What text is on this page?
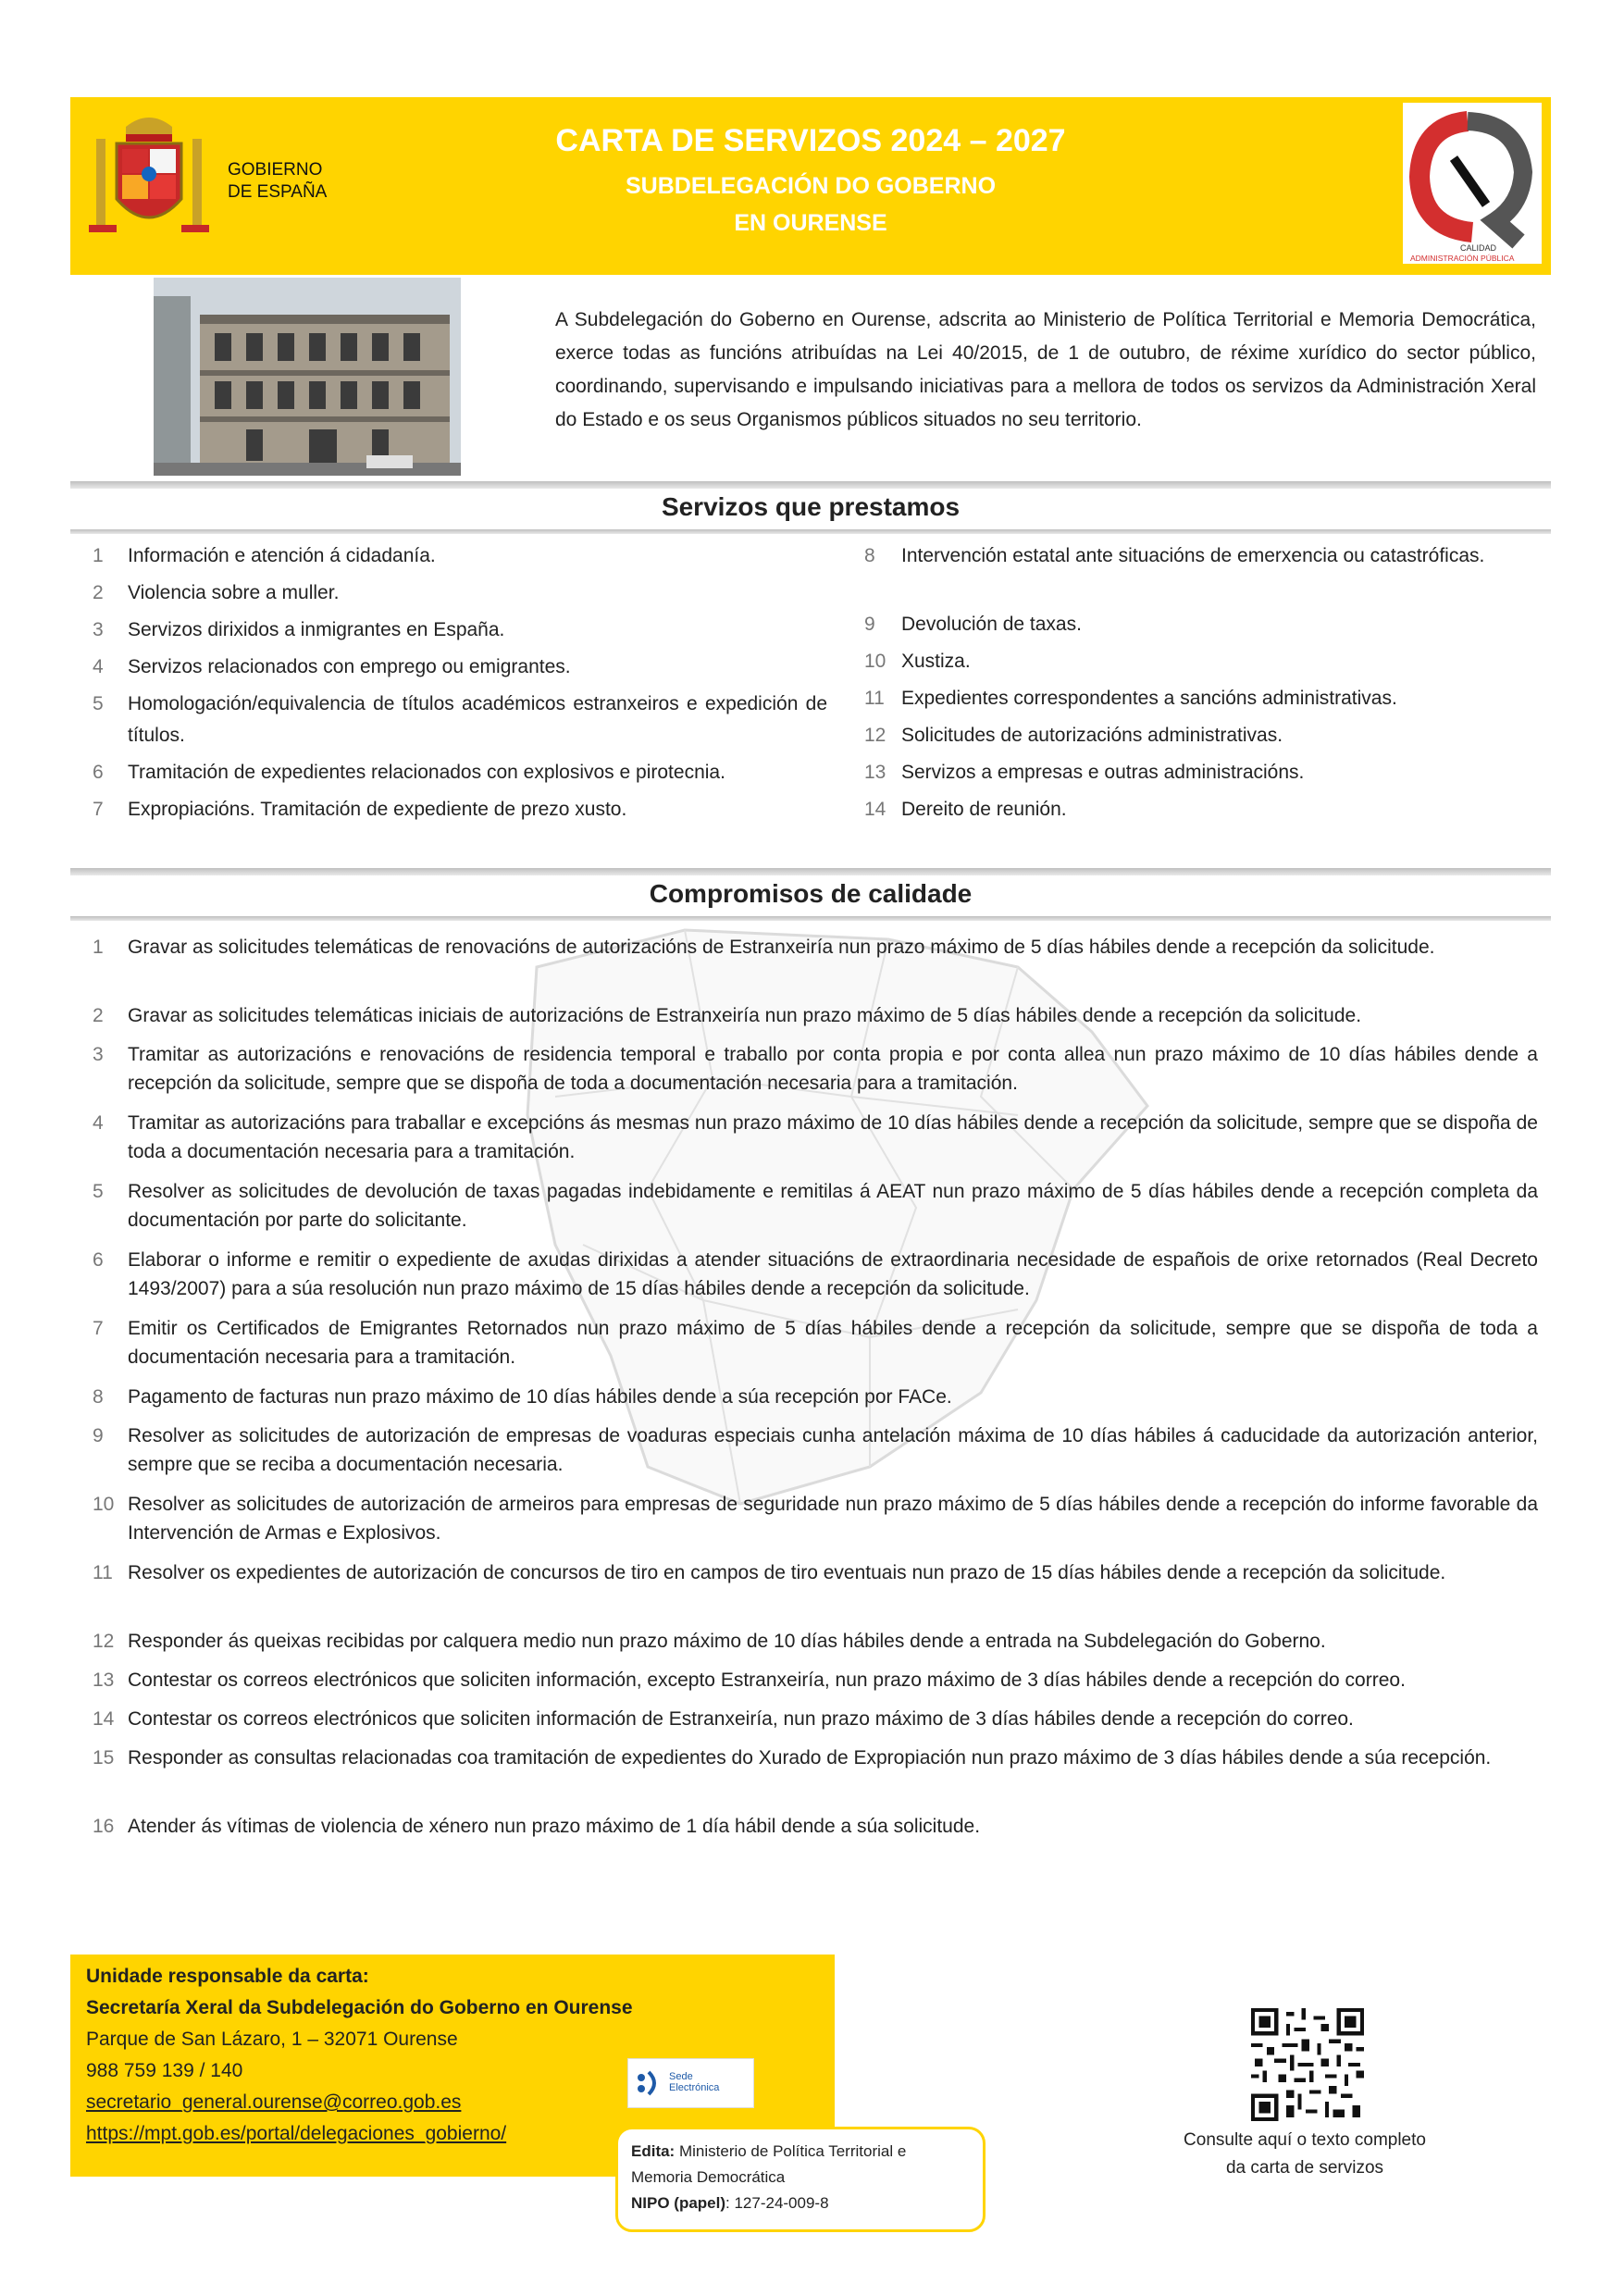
GOBIERNO
DE ESPAÑA
CARTA DE SERVIZOS 2024 – 2027
SUBDELEGACIÓN DO GOBERNO
EN OURENSE
CALIDAD
ADMINISTRACIÓN PÚBLICA
A Subdelegación do Goberno en Ourense, adscrita ao Ministerio de Política Territorial e Memoria Democrática, exerce todas as funcións atribuídas na Lei 40/2015, de 1 de outubro, de réxime xurídico do sector público, coordinando, supervisando e impulsando iniciativas para a mellora de todos os servizos da Administración Xeral do Estado e os seus Organismos públicos situados no seu territorio.
Servizos que prestamos
1 Información e atención á cidadanía.
2 Violencia sobre a muller.
3 Servizos dirixidos a inmigrantes en España.
4 Servizos relacionados con emprego ou emigrantes.
5 Homologación/equivalencia de títulos académicos estranxeiros e expedición de títulos.
6 Tramitación de expedientes relacionados con explosivos e pirotecnia.
7 Expropiacións. Tramitación de expediente de prezo xusto.
8 Intervención estatal ante situacións de emerxencia ou catastróficas.
9 Devolución de taxas.
10 Xustiza.
11 Expedientes correspondentes a sancións administrativas.
12 Solicitudes de autorizacións administrativas.
13 Servizos a empresas e outras administracións.
14 Dereito de reunión.
Compromisos de calidade
1 Gravar as solicitudes telemáticas de renovacións de autorizacións de Estranxeiría nun prazo máximo de 5 días hábiles dende a recepción da solicitude.
2 Gravar as solicitudes telemáticas iniciais de autorizacións de Estranxeiría nun prazo máximo de 5 días hábiles dende a recepción da solicitude.
3 Tramitar as autorizacións e renovacións de residencia temporal e traballo por conta propia e por conta allea nun prazo máximo de 10 días hábiles dende a recepción da solicitude, sempre que se dispoña de toda a documentación necesaria para a tramitación.
4 Tramitar as autorizacións para traballar e excepcións ás mesmas nun prazo máximo de 10 días hábiles dende a recepción da solicitude, sempre que se dispoña de toda a documentación necesaria para a tramitación.
5 Resolver as solicitudes de devolución de taxas pagadas indebidamente e remitilas á AEAT nun prazo máximo de 5 días hábiles dende a recepción completa da documentación por parte do solicitante.
6 Elaborar o informe e remitir o expediente de axudas dirixidas a atender situacións de extraordinaria necesidade de españois de orixe retornados (Real Decreto 1493/2007) para a súa resolución nun prazo máximo de 15 días hábiles dende a recepción da solicitude.
7 Emitir os Certificados de Emigrantes Retornados nun prazo máximo de 5 días hábiles dende a recepción da solicitude, sempre que se dispoña de toda a documentación necesaria para a tramitación.
8 Pagamento de facturas nun prazo máximo de 10 días hábiles dende a súa recepción por FACe.
9 Resolver as solicitudes de autorización de empresas de voaduras especiais cunha antelación máxima de 10 días hábiles á caducidade da autorización anterior, sempre que se reciba a documentación necesaria.
10 Resolver as solicitudes de autorización de armeiros para empresas de seguridade nun prazo máximo de 5 días hábiles dende a recepción do informe favorable da Intervención de Armas e Explosivos.
11 Resolver os expedientes de autorización de concursos de tiro en campos de tiro eventuais nun prazo de 15 días hábiles dende a recepción da solicitude.
12 Responder ás queixas recibidas por calquera medio nun prazo máximo de 10 días hábiles dende a entrada na Subdelegación do Goberno.
13 Contestar os correos electrónicos que soliciten información, excepto Estranxeiría, nun prazo máximo de 3 días hábiles dende a recepción do correo.
14 Contestar os correos electrónicos que soliciten información de Estranxeiría, nun prazo máximo de 3 días hábiles dende a recepción do correo.
15 Responder as consultas relacionadas coa tramitación de expedientes do Xurado de Expropiación nun prazo máximo de 3 días hábiles dende a súa recepción.
16 Atender ás vítimas de violencia de xénero nun prazo máximo de 1 día hábil dende a súa solicitude.
Unidade responsable da carta:
Secretaría Xeral da Subdelegación do Goberno en Ourense
Parque de San Lázaro, 1 – 32071 Ourense
988 759 139 / 140
secretario_general.ourense@correo.gob.es
https://mpt.gob.es/portal/delegaciones_gobierno/
Sede
Electrónica
Edita: Ministerio de Política Territorial e
Memoria Democrática
NIPO (papel): 127-24-009-8
Consulte aquí o texto completo
da carta de servizos
